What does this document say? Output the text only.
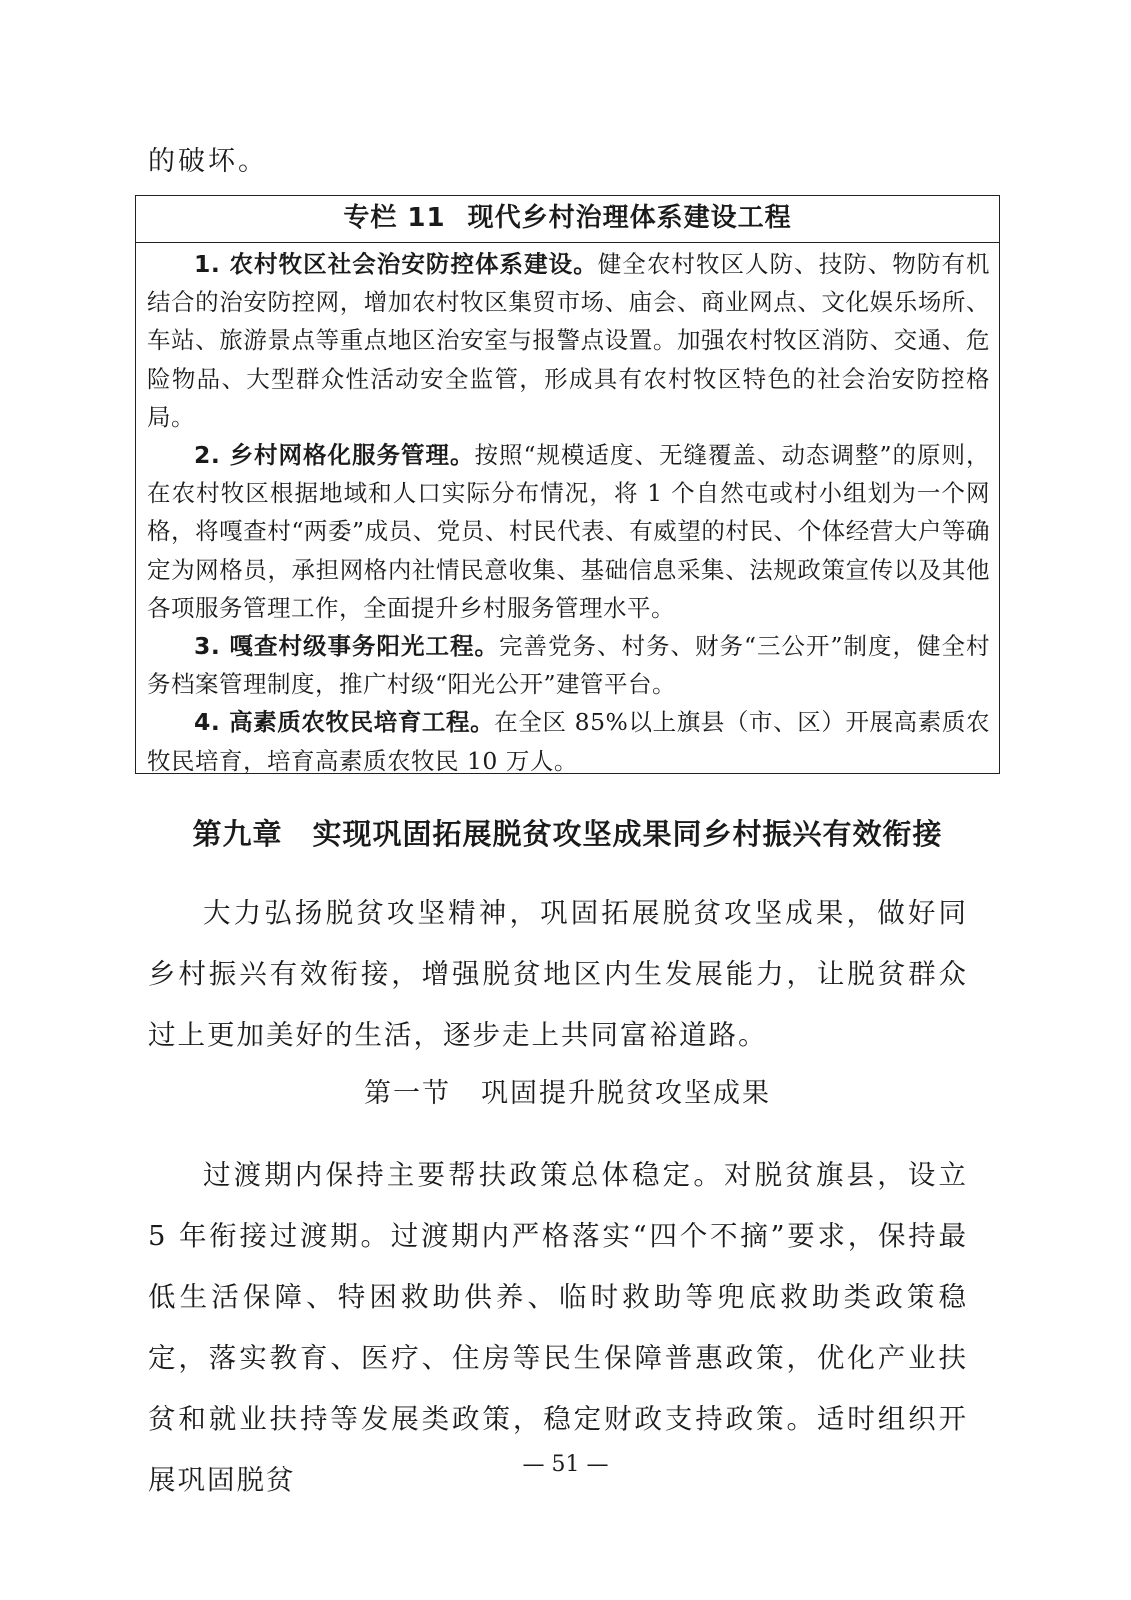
的破坏。
专栏 11 现代乡村治理体系建设工程

1. 农村牧区社会治安防控体系建设。健全农村牧区人防、技防、物防有机结合的治安防控网，增加农村牧区集贸市场、庙会、商业网点、文化娱乐场所、车站、旅游景点等重点地区治安室与报警点设置。加强农村牧区消防、交通、危险物品、大型群众性活动安全监管，形成具有农村牧区特色的社会治安防控格局。

2. 乡村网格化服务管理。按照“规模适度、无缝覆盖、动态调整”的原则，在农村牧区根据地域和人口实际分布情况，将 1 个自然屯或村小组划为一个网格，将嘎查村“两委”成员、党员、村民代表、有威望的村民、个体经营大户等确定为网格员，承担网格内社情民意收集、基础信息采集、法规政策宣传以及其他各项服务管理工作，全面提升乡村服务管理水平。

3. 嘎查村级事务阳光工程。完善党务、村务、财务“三公开”制度，健全村务档案管理制度，推广村级“阳光公开”建管平台。

4. 高素质农牧民培育工程。在全区 85%以上旗县（市、区）开展高素质农牧民培育，培育高素质农牧民 10 万人。

第九章 实现巩固拓展脱贫攻坚成果同乡村振兴有效衔接

大力弘扬脱贫攻坚精神，巩固拓展脱贫攻坚成果，做好同乡村振兴有效衔接，增强脱贫地区内生发展能力，让脱贫群众过上更加美好的生活，逐步走上共同富裕道路。

第一节 巩固提升脱贫攻坚成果

过渡期内保持主要帮扶政策总体稳定。对脱贫旗县，设立 5 年衔接过渡期。过渡期内严格落实“四个不摘”要求，保持最低生活保障、特困救助供养、临时救助等兜底救助类政策稳定，落实教育、医疗、住房等民生保障普惠政策，优化产业扶贫和就业扶持等发展类政策，稳定财政支持政策。适时组织开展巩固脱贫	— 51 —
